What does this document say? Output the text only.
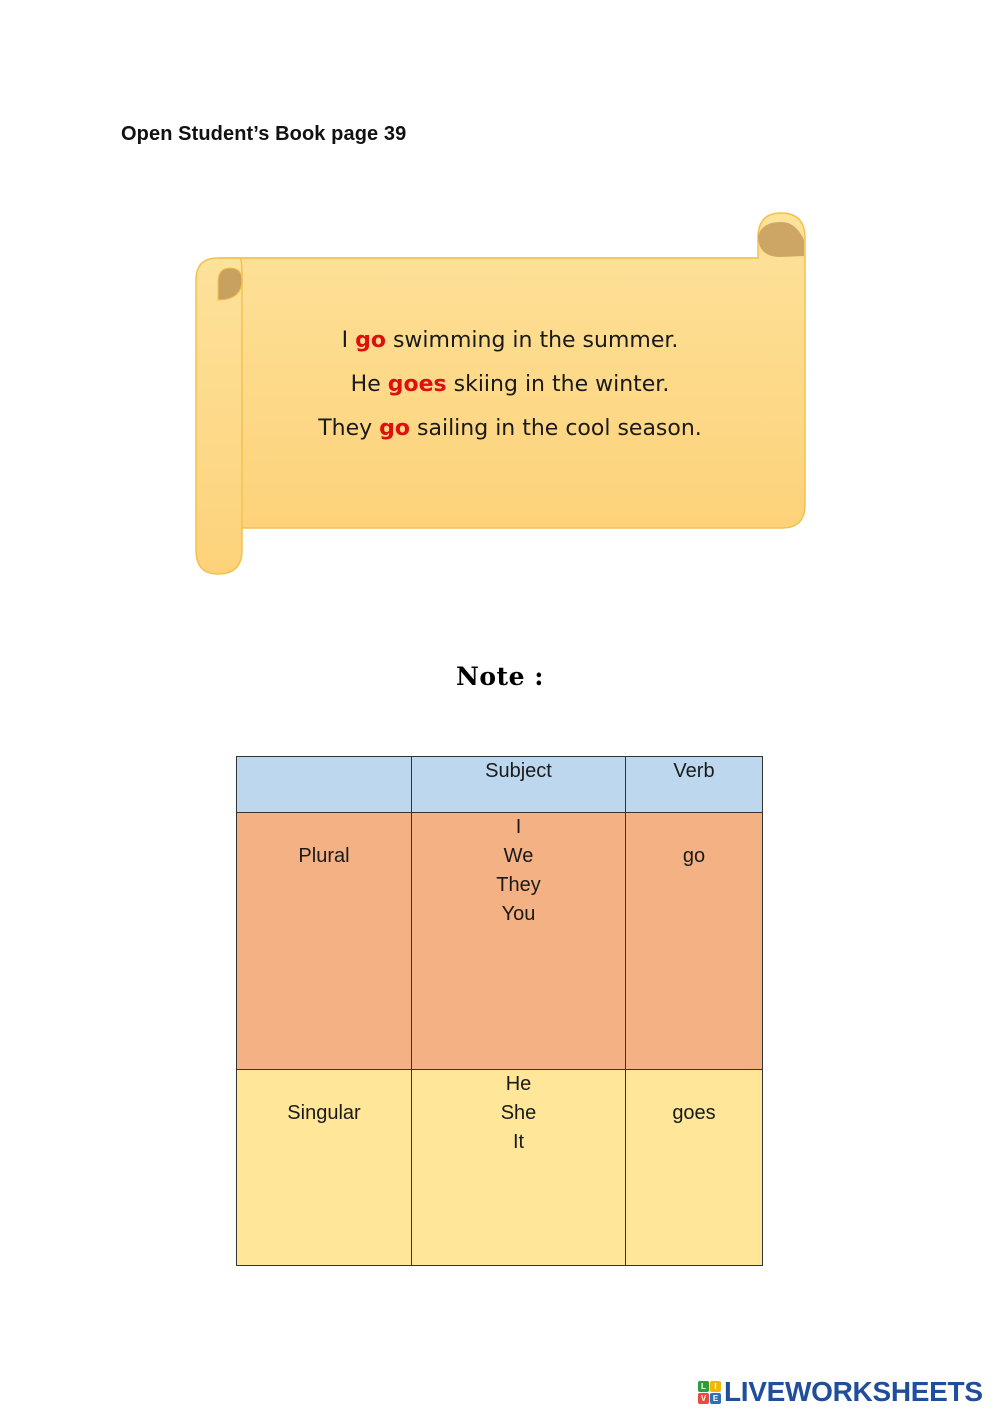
Open Student’s Book page 39
I go swimming in the summer.
He goes skiing in the winter.
They go sailing in the cool season.
Note :
	Subject	Verb
Plural	I
We
They
You	go
Singular	He
She
It	goes
L	I
V E LIVEWORKSHEETS
